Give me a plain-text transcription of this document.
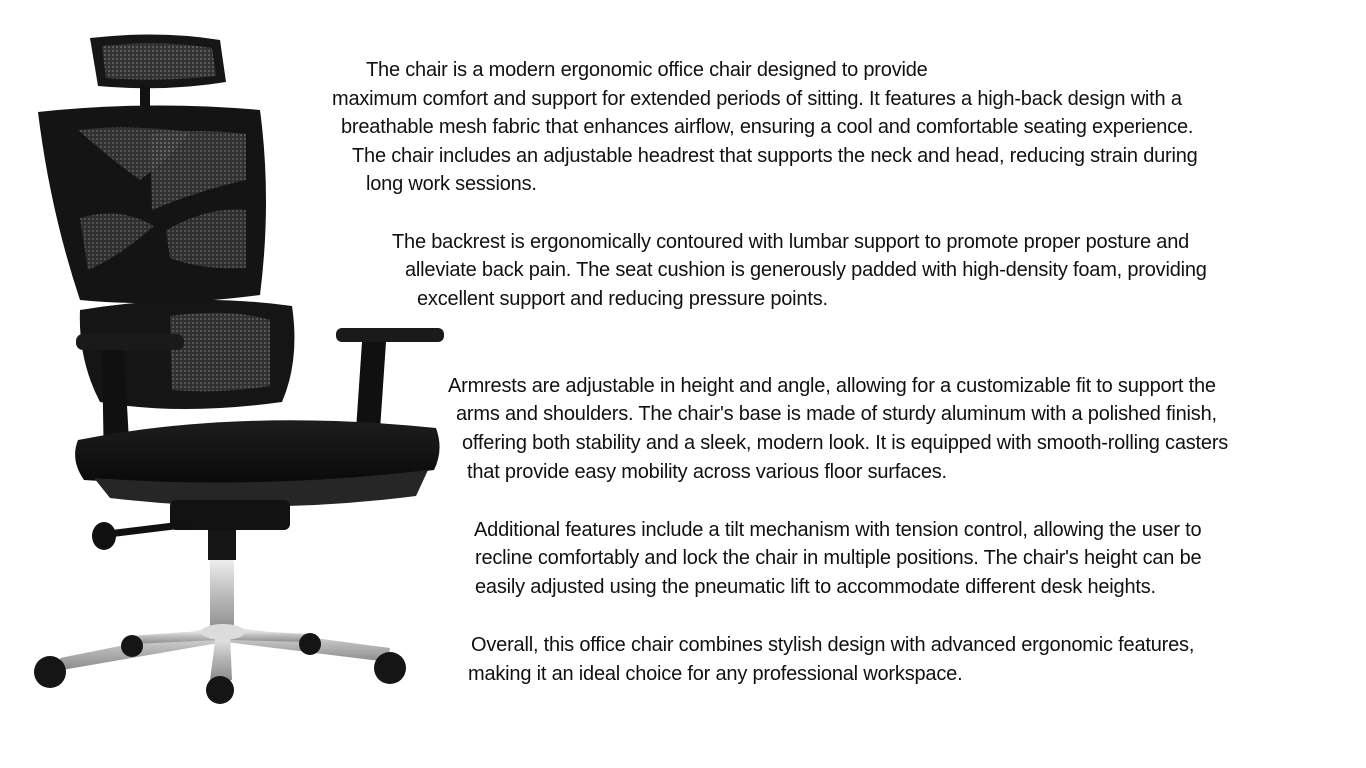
The chair is a modern ergonomic office chair designed to provide
maximum comfort and support for extended periods of sitting. It features a high-back design with a
breathable mesh fabric that enhances airflow, ensuring a cool and comfortable seating experience.
The chair includes an adjustable headrest that supports the neck and head, reducing strain during
long work sessions.
The backrest is ergonomically contoured with lumbar support to promote proper posture and
alleviate back pain. The seat cushion is generously padded with high-density foam, providing
excellent support and reducing pressure points.
Armrests are adjustable in height and angle, allowing for a customizable fit to support the
arms and shoulders. The chair's base is made of sturdy aluminum with a polished finish,
offering both stability and a sleek, modern look. It is equipped with smooth-rolling casters
that provide easy mobility across various floor surfaces.
Additional features include a tilt mechanism with tension control, allowing the user to
recline comfortably and lock the chair in multiple positions. The chair's height can be
easily adjusted using the pneumatic lift to accommodate different desk heights.
Overall, this office chair combines stylish design with advanced ergonomic features,
making it an ideal choice for any professional workspace.
